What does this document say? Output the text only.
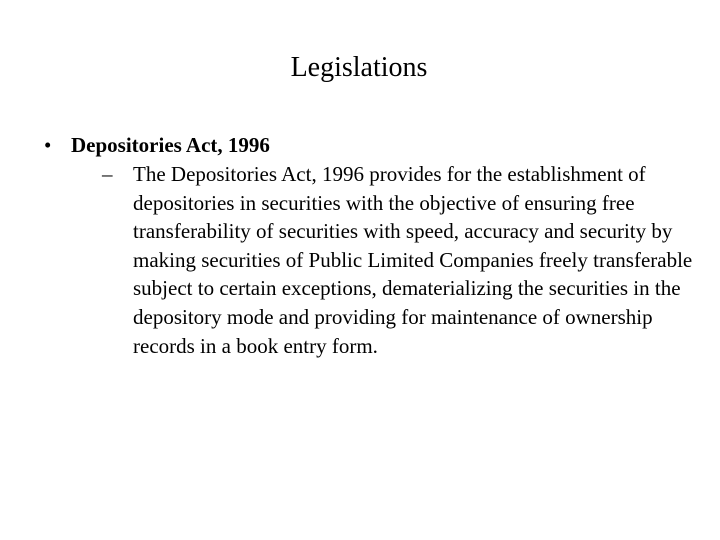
Legislations
• Depositories Act, 1996
– The Depositories Act, 1996 provides for the establishment of depositories in securities with the objective of ensuring free transferability of securities with speed, accuracy and security by making securities of Public Limited Companies freely transferable subject to certain exceptions, dematerializing the securities in the depository mode and providing for maintenance of ownership records in a book entry form.
